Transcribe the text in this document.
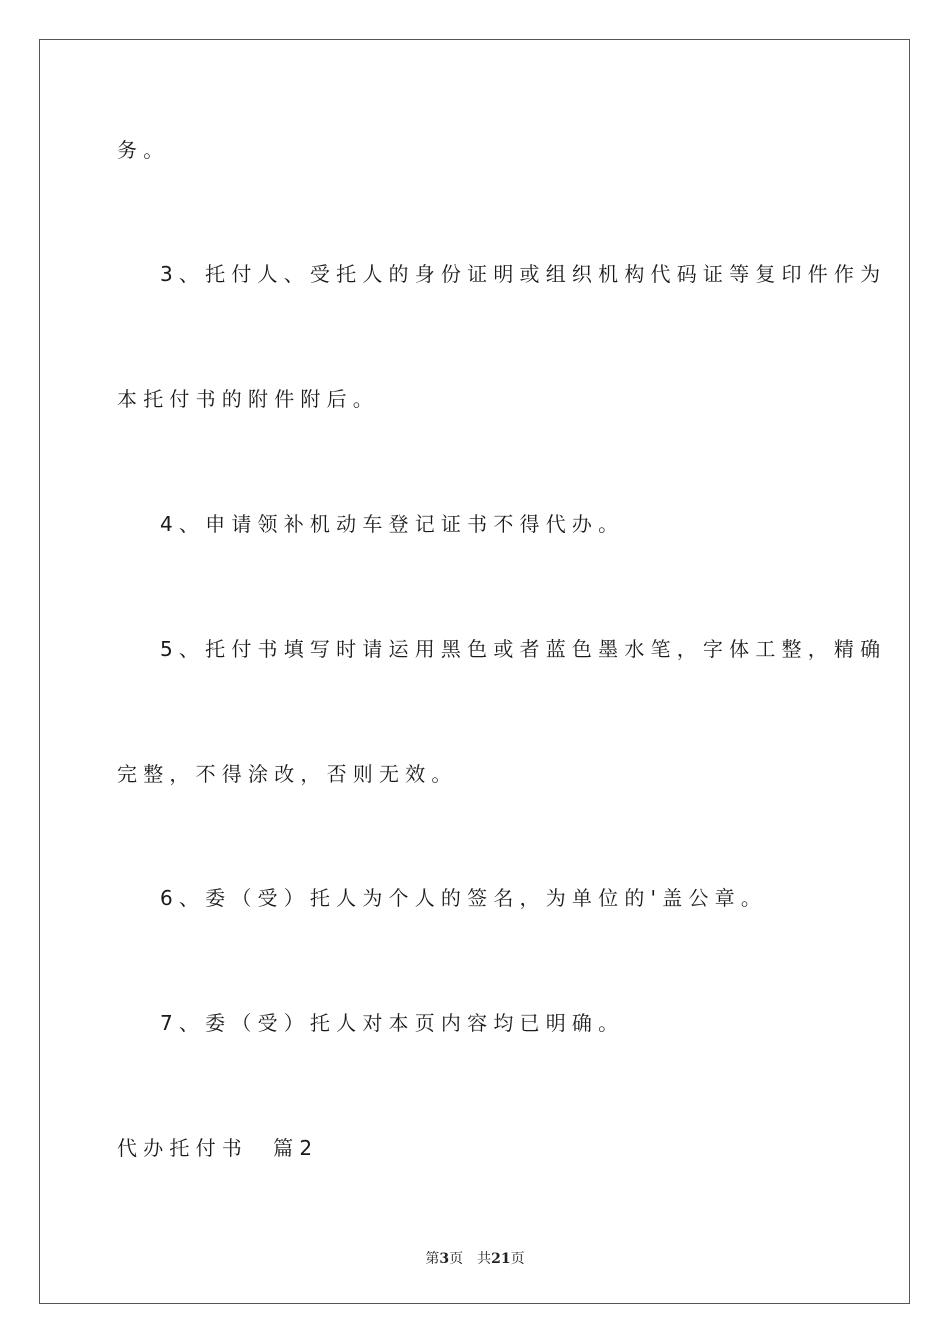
务。
3、托付人、受托人的身份证明或组织机构代码证等复印件作为
本托付书的附件附后。
4、申请领补机动车登记证书不得代办。
5、托付书填写时请运用黑色或者蓝色墨水笔，字体工整，精确
完整，不得涂改，否则无效。
6、委（受）托人为个人的签名，为单位的'盖公章。
7、委（受）托人对本页内容均已明确。
代办托付书  篇2
第3页 共21页
